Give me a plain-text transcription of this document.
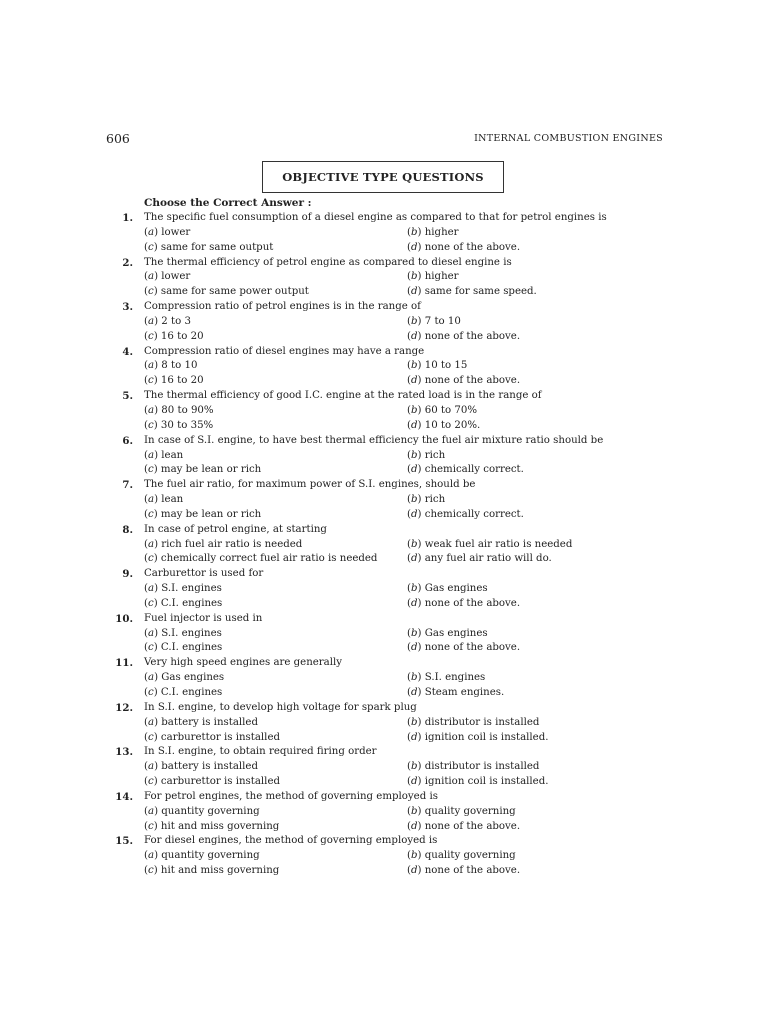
606	INTERNAL COMBUSTION ENGINES
OBJECTIVE TYPE QUESTIONS
Choose the Correct Answer :
1. The specific fuel consumption of a diesel engine as compared to that for petrol engines is
(a) lower	(b) higher
(c) same for same output	(d) none of the above.
2. The thermal efficiency of petrol engine as compared to diesel engine is
(a) lower	(b) higher
(c) same for same power output	(d) same for same speed.
3. Compression ratio of petrol engines is in the range of
(a) 2 to 3	(b) 7 to 10
(c) 16 to 20	(d) none of the above.
4. Compression ratio of diesel engines may have a range
(a) 8 to 10	(b) 10 to 15
(c) 16 to 20	(d) none of the above.
5. The thermal efficiency of good I.C. engine at the rated load is in the range of
(a) 80 to 90%	(b) 60 to 70%
(c) 30 to 35%	(d) 10 to 20%.
6. In case of S.I. engine, to have best thermal efficiency the fuel air mixture ratio should be
(a) lean	(b) rich
(c) may be lean or rich	(d) chemically correct.
7. The fuel air ratio, for maximum power of S.I. engines, should be
(a) lean	(b) rich
(c) may be lean or rich	(d) chemically correct.
8. In case of petrol engine, at starting
(a) rich fuel air ratio is needed	(b) weak fuel air ratio is needed
(c) chemically correct fuel air ratio is needed	(d) any fuel air ratio will do.
9. Carburettor is used for
(a) S.I. engines	(b) Gas engines
(c) C.I. engines	(d) none of the above.
10. Fuel injector is used in
(a) S.I. engines	(b) Gas engines
(c) C.I. engines	(d) none of the above.
11. Very high speed engines are generally
(a) Gas engines	(b) S.I. engines
(c) C.I. engines	(d) Steam engines.
12. In S.I. engine, to develop high voltage for spark plug
(a) battery is installed	(b) distributor is installed
(c) carburettor is installed	(d) ignition coil is installed.
13. In S.I. engine, to obtain required firing order
(a) battery is installed	(b) distributor is installed
(c) carburettor is installed	(d) ignition coil is installed.
14. For petrol engines, the method of governing employed is
(a) quantity governing	(b) quality governing
(c) hit and miss governing	(d) none of the above.
15. For diesel engines, the method of governing employed is
(a) quantity governing	(b) quality governing
(c) hit and miss governing	(d) none of the above.
